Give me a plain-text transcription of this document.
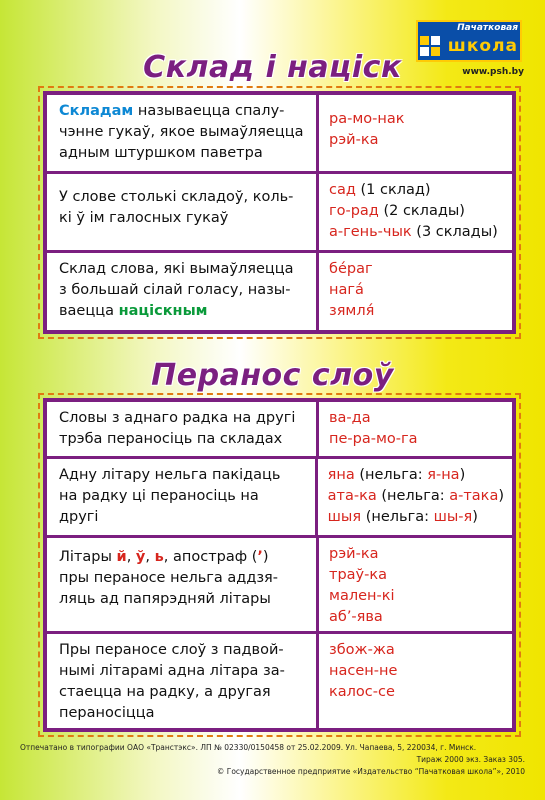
Пачатковая
школа
www.psh.by
Склад і націск
Складам называецца спалу-
чэнне гукаў, якое вымаўляецца
адным штуршком паветра
ра-мо-нак
рэй-ка
У слове столькі складоў, коль-
кі ў ім галосных гукаў
сад (1 склад)
го-рад (2 склады)
а-гень-чык (3 склады)
Склад слова, які вымаўляецца
з большай сілай голасу, назы-
ваецца націскным
бе́раг
нага́
зямля́
Перанос слоў
Словы з аднаго радка на другі
трэба пераносіць па складах
ва-да
пе-ра-мо-га
Адну літару нельга пакідаць
на радку ці пераносіць на
другі
яна (нельга: я-на)
ата-ка (нельга: а-така)
шыя (нельга: шы-я)
Літары й, ў, ь, апостраф (ʼ)
пры пераносе нельга аддзя-
ляць ад папярэдняй літары
рэй-ка
траў-ка
мален-кі
аб’-ява
Пры пераносе слоў з падвой-
нымі літарамі адна літара за-
стаецца на радку, а другая
пераносіцца
збож-жа
насен-не
калос-се
Отпечатано в типографии ОАО «Транстэкс». ЛП № 02330/0150458 от 25.02.2009. Ул. Чапаева, 5, 220034, г. Минск.
Тираж 2000 экз. Заказ 305.
© Государственное предприятие «Издательство “Пачатковая школа”», 2010
